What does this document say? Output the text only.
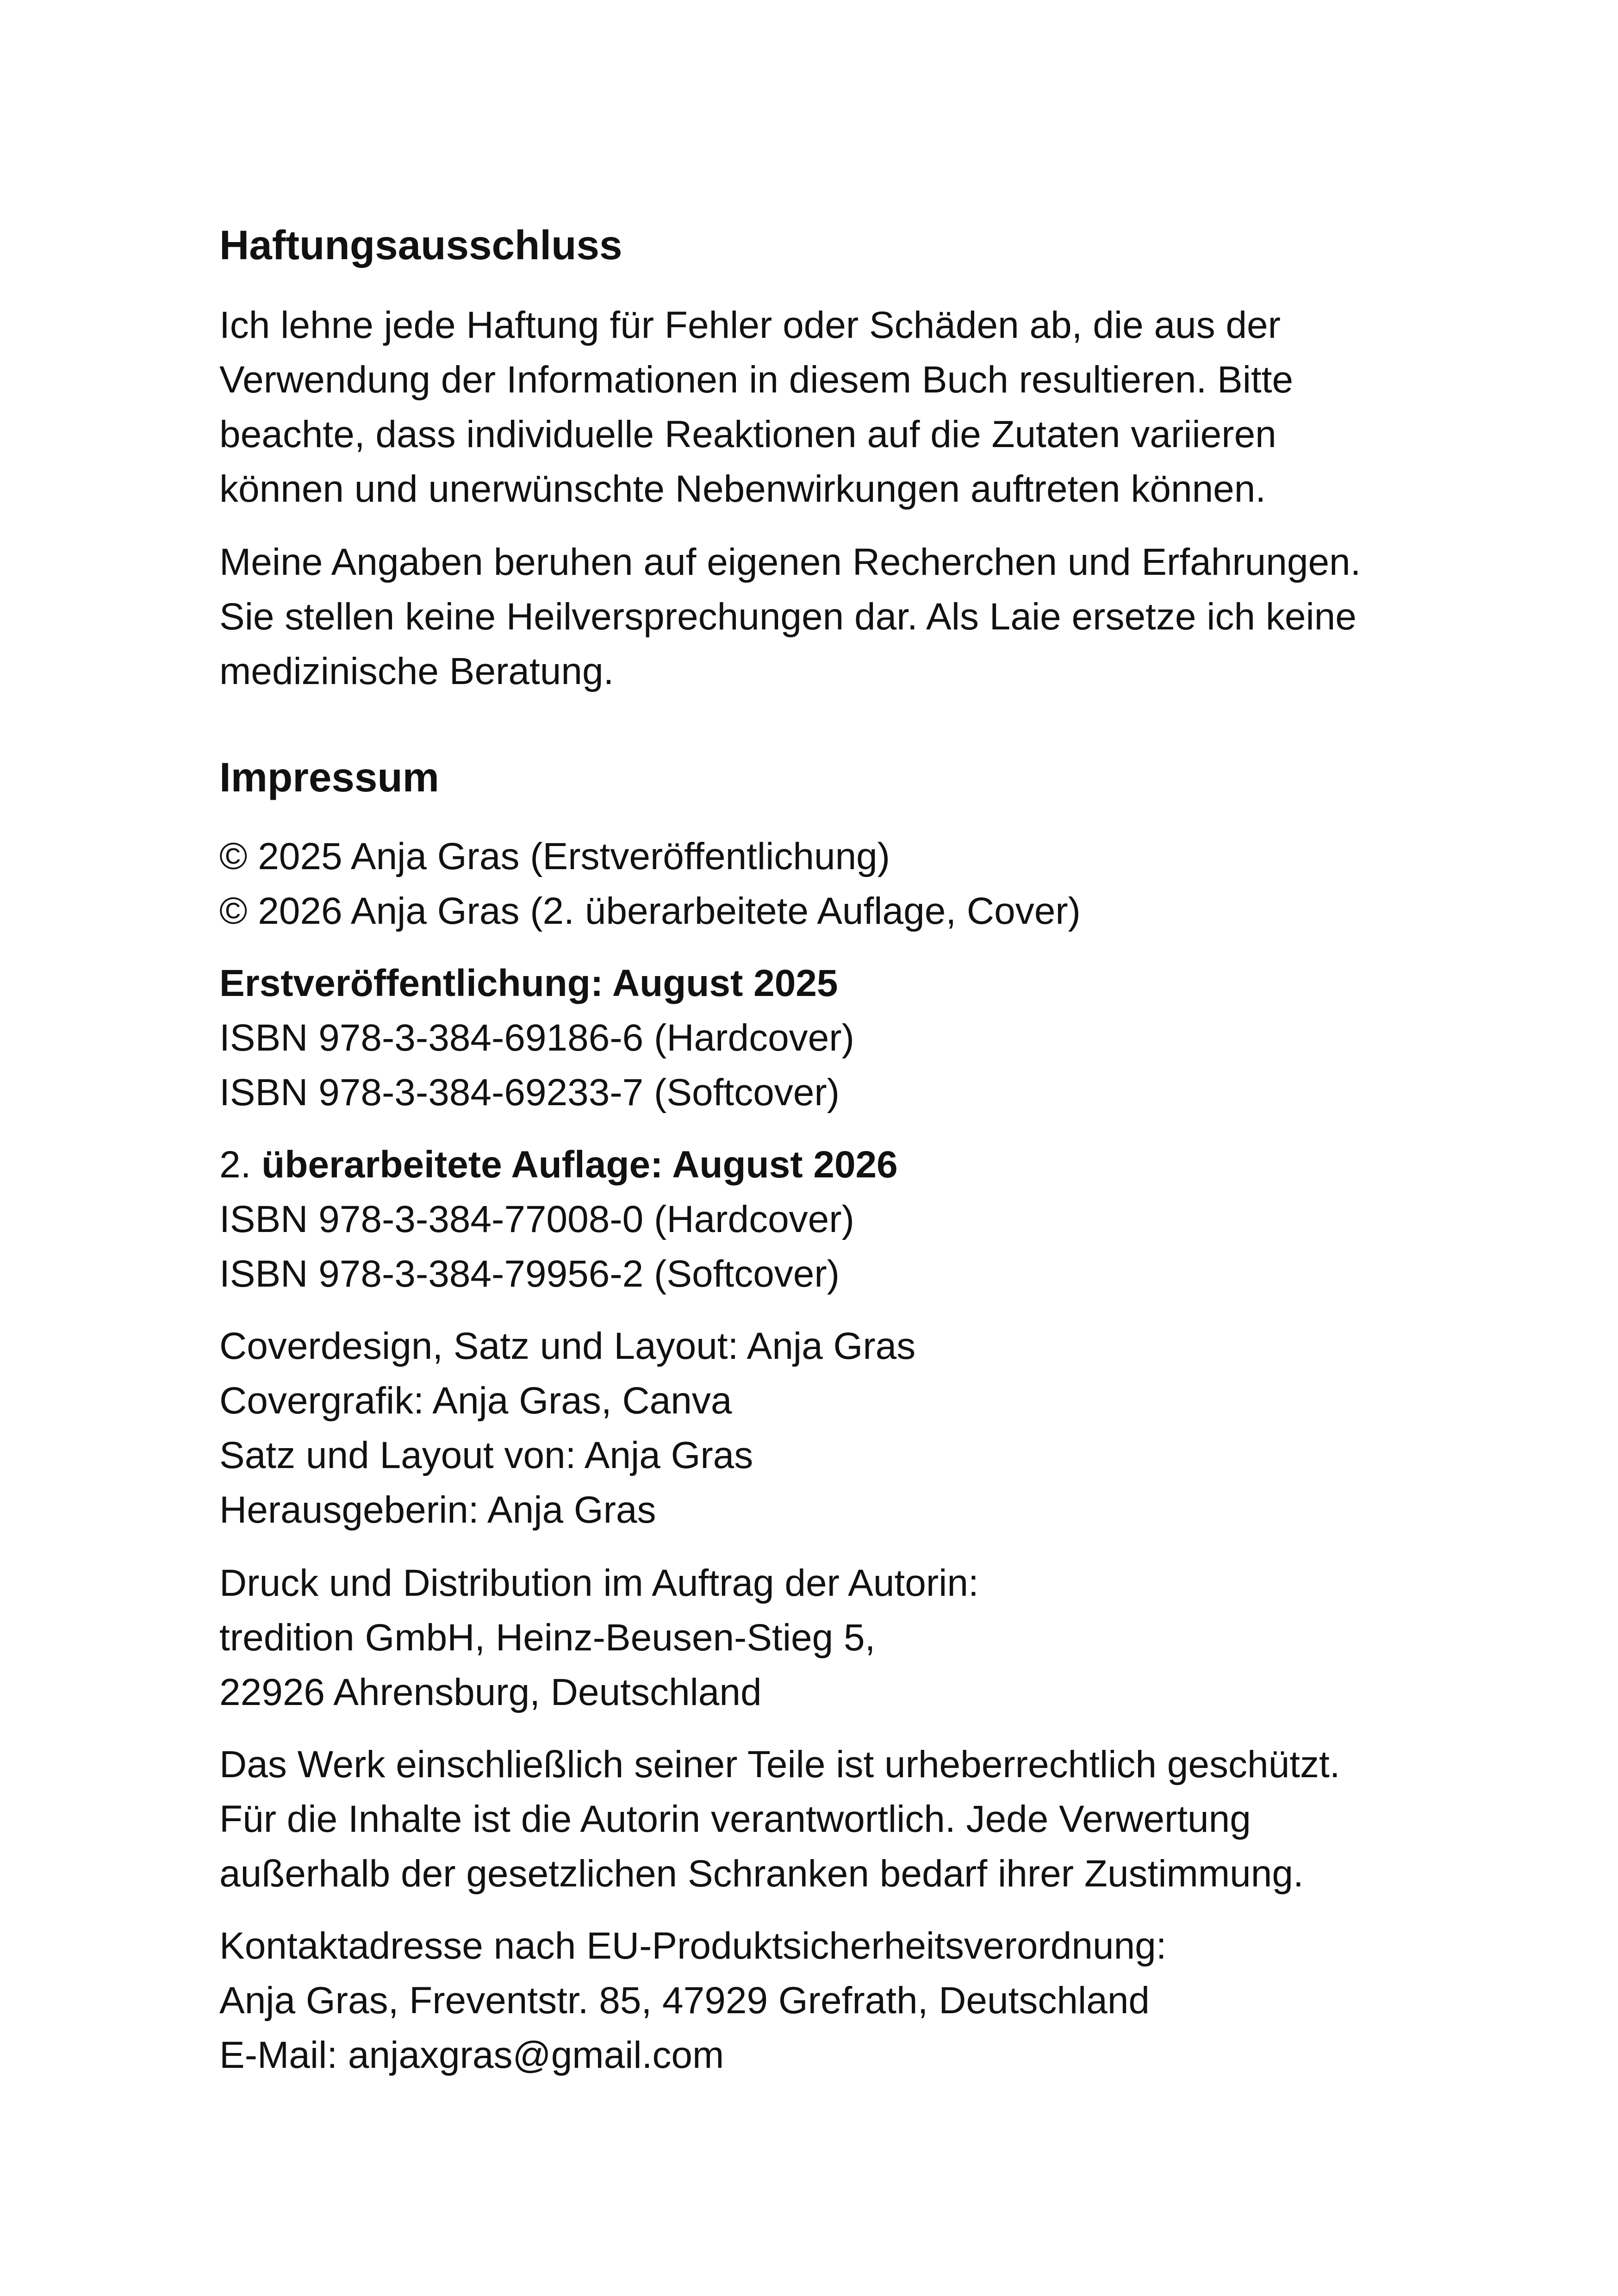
Haftungsausschluss
Ich lehne jede Haftung für Fehler oder Schäden ab, die aus der
Verwendung der Informationen in diesem Buch resultieren. Bitte
beachte, dass individuelle Reaktionen auf die Zutaten variieren
können und unerwünschte Nebenwirkungen auftreten können.
Meine Angaben beruhen auf eigenen Recherchen und Erfahrungen.
Sie stellen keine Heilversprechungen dar. Als Laie ersetze ich keine
medizinische Beratung.
Impressum
© 2025 Anja Gras (Erstveröffentlichung)
© 2026 Anja Gras (2. überarbeitete Auflage, Cover)
Erstveröffentlichung: August 2025
ISBN 978-3-384-69186-6 (Hardcover)
ISBN 978-3-384-69233-7 (Softcover)
2. überarbeitete Auflage: August 2026
ISBN 978-3-384-77008-0 (Hardcover)
ISBN 978-3-384-79956-2 (Softcover)
Coverdesign, Satz und Layout: Anja Gras
Covergrafik: Anja Gras, Canva
Satz und Layout von: Anja Gras
Herausgeberin: Anja Gras
Druck und Distribution im Auftrag der Autorin:
tredition GmbH, Heinz-Beusen-Stieg 5,
22926 Ahrensburg, Deutschland
Das Werk einschließlich seiner Teile ist urheberrechtlich geschützt.
Für die Inhalte ist die Autorin verantwortlich. Jede Verwertung
außerhalb der gesetzlichen Schranken bedarf ihrer Zustimmung.
Kontaktadresse nach EU-Produktsicherheitsverordnung:
Anja Gras, Freventstr. 85, 47929 Grefrath, Deutschland
E-Mail: anjaxgras@gmail.com
